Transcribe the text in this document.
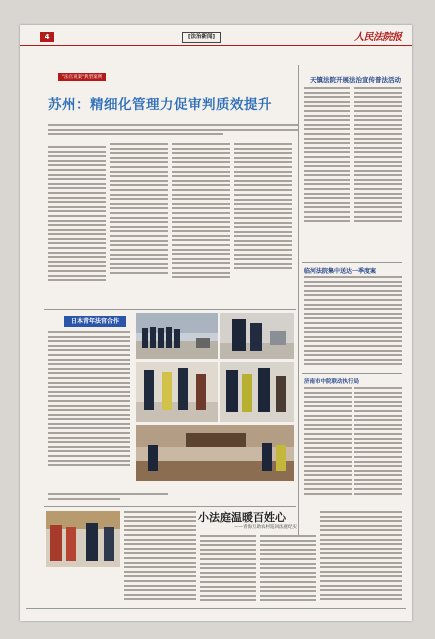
4	[法治新闻]	人民法院报
"法官说案"典型案例
苏州：精细化管理力促审判质效提升
天镇法院开展法治宣传普法活动
临河法院集中送达一季度案
济南市中院联动执行局
日本青年法官合作
小法庭温暖百姓心
——青海互助农村巡回法庭纪实
